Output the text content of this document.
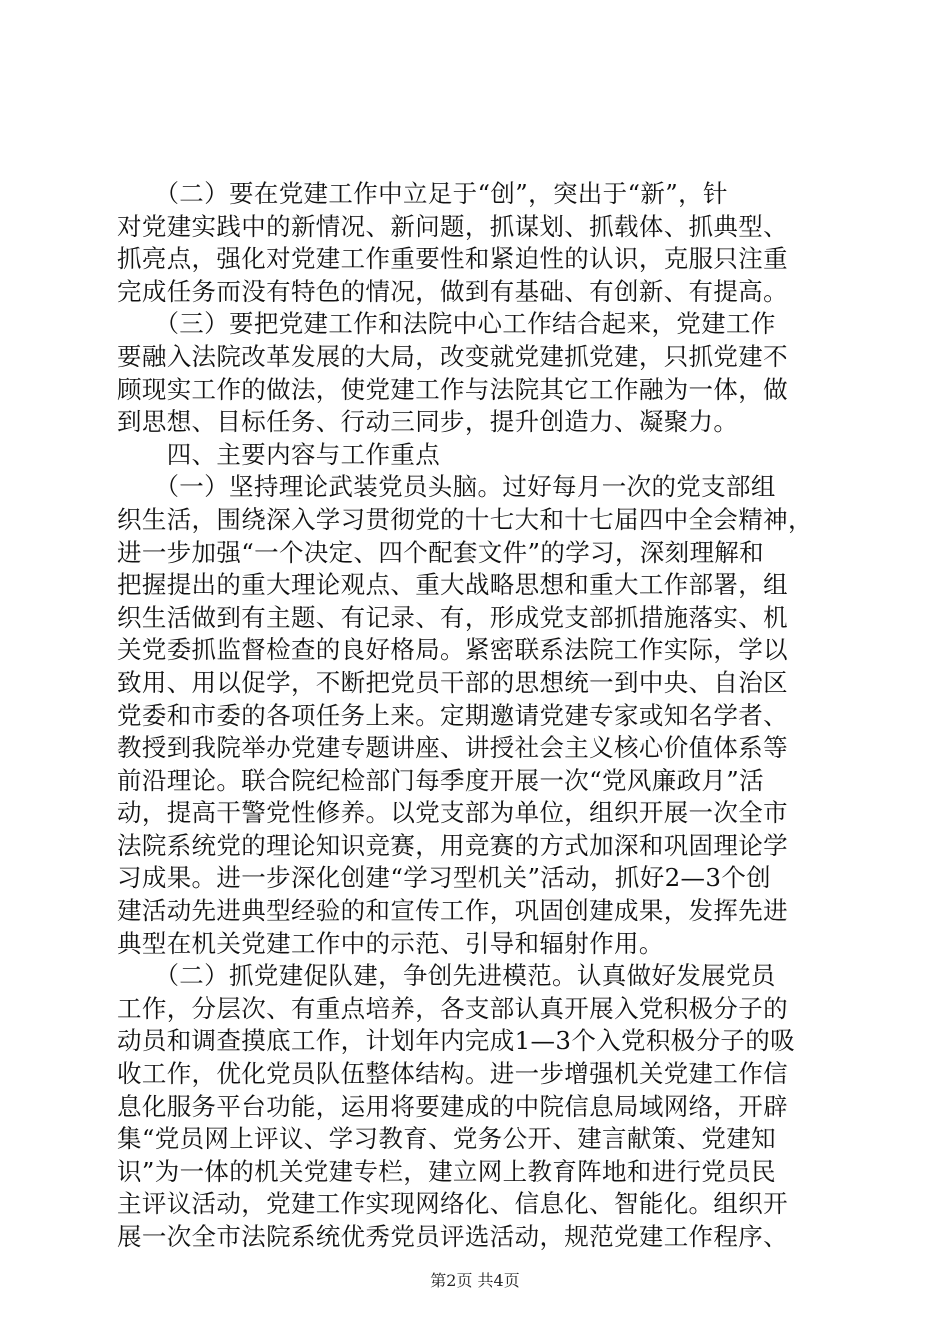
　　（二）要在党建工作中立足于“创”，突出于“新”，针
对党建实践中的新情况、新问题，抓谋划、抓载体、抓典型、
抓亮点，强化对党建工作重要性和紧迫性的认识，克服只注重
完成任务而没有特色的情况，做到有基础、有创新、有提高。
　　（三）要把党建工作和法院中心工作结合起来，党建工作
要融入法院改革发展的大局，改变就党建抓党建，只抓党建不
顾现实工作的做法，使党建工作与法院其它工作融为一体，做
到思想、目标任务、行动三同步，提升创造力、凝聚力。
　　四、主要内容与工作重点
　　（一）坚持理论武装党员头脑。过好每月一次的党支部组
织生活，围绕深入学习贯彻党的十七大和十七届四中全会精神，
进一步加强“一个决定、四个配套文件”的学习，深刻理解和
把握提出的重大理论观点、重大战略思想和重大工作部署，组
织生活做到有主题、有记录、有，形成党支部抓措施落实、机
关党委抓监督检查的良好格局。紧密联系法院工作实际，学以
致用、用以促学，不断把党员干部的思想统一到中央、自治区
党委和市委的各项任务上来。定期邀请党建专家或知名学者、
教授到我院举办党建专题讲座、讲授社会主义核心价值体系等
前沿理论。联合院纪检部门每季度开展一次“党风廉政月”活
动，提高干警党性修养。以党支部为单位，组织开展一次全市
法院系统党的理论知识竞赛，用竞赛的方式加深和巩固理论学
习成果。进一步深化创建“学习型机关”活动，抓好2—3个创
建活动先进典型经验的和宣传工作，巩固创建成果，发挥先进
典型在机关党建工作中的示范、引导和辐射作用。
　　（二）抓党建促队建，争创先进模范。认真做好发展党员
工作，分层次、有重点培养，各支部认真开展入党积极分子的
动员和调查摸底工作，计划年内完成1—3个入党积极分子的吸
收工作，优化党员队伍整体结构。进一步增强机关党建工作信
息化服务平台功能，运用将要建成的中院信息局域网络，开辟
集“党员网上评议、学习教育、党务公开、建言献策、党建知
识”为一体的机关党建专栏，建立网上教育阵地和进行党员民
主评议活动，党建工作实现网络化、信息化、智能化。组织开
展一次全市法院系统优秀党员评选活动，规范党建工作程序、
第2页 共4页
